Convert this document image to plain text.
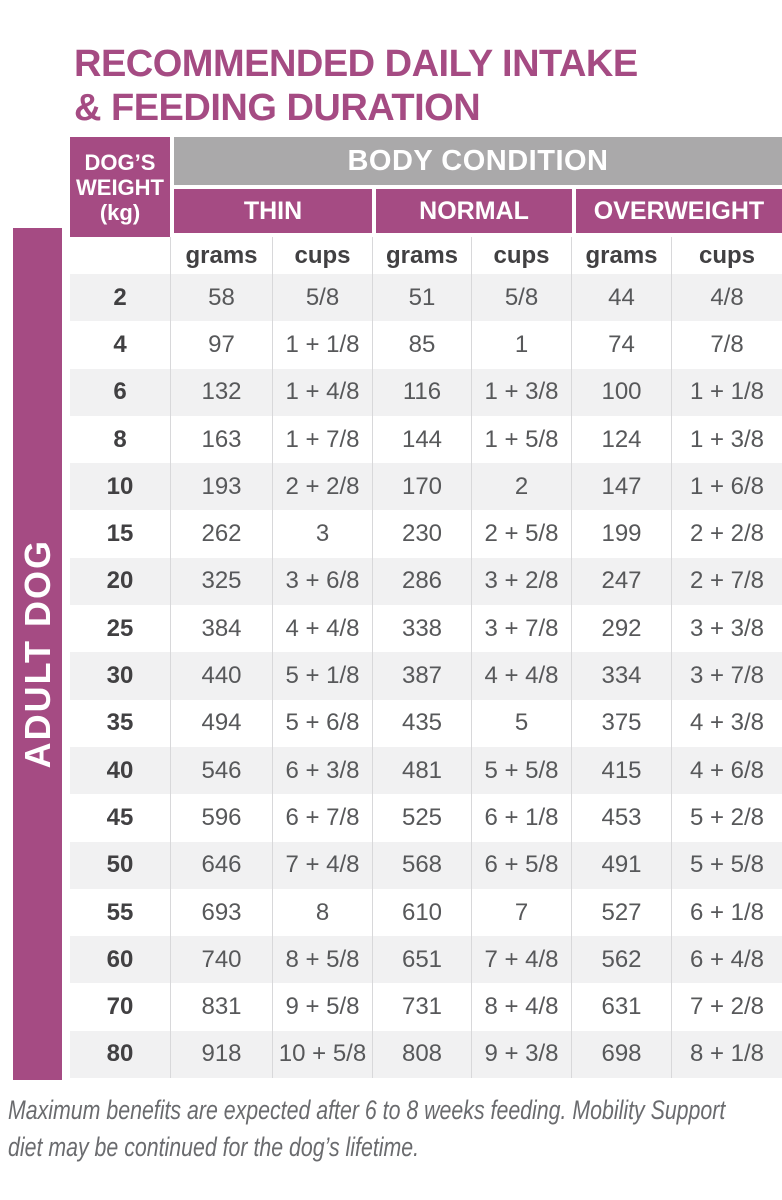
RECOMMENDED DAILY INTAKE
& FEEDING DURATION
DOG’S
WEIGHT
(kg)
BODY CONDITION
THIN	NORMAL	OVERWEIGHT
grams	cups	grams	cups	grams	cups
2	58	5/8	51	5/8	44	4/8
4	97	1 + 1/8	85	1	74	7/8
6	132	1 + 4/8	116	1 + 3/8	100	1 + 1/8
8	163	1 + 7/8	144	1 + 5/8	124	1 + 3/8
10	193	2 + 2/8	170	2	147	1 + 6/8
15	262	3	230	2 + 5/8	199	2 + 2/8
20	325	3 + 6/8	286	3 + 2/8	247	2 + 7/8
25	384	4 + 4/8	338	3 + 7/8	292	3 + 3/8
30	440	5 + 1/8	387	4 + 4/8	334	3 + 7/8
35	494	5 + 6/8	435	5	375	4 + 3/8
40	546	6 + 3/8	481	5 + 5/8	415	4 + 6/8
45	596	6 + 7/8	525	6 + 1/8	453	5 + 2/8
50	646	7 + 4/8	568	6 + 5/8	491	5 + 5/8
55	693	8	610	7	527	6 + 1/8
60	740	8 + 5/8	651	7 + 4/8	562	6 + 4/8
70	831	9 + 5/8	731	8 + 4/8	631	7 + 2/8
80	918	10 + 5/8	808	9 + 3/8	698	8 + 1/8
ADULT DOG

Maximum benefits are expected after 6 to 8 weeks feeding. Mobility Support
diet may be continued for the dog’s lifetime.
